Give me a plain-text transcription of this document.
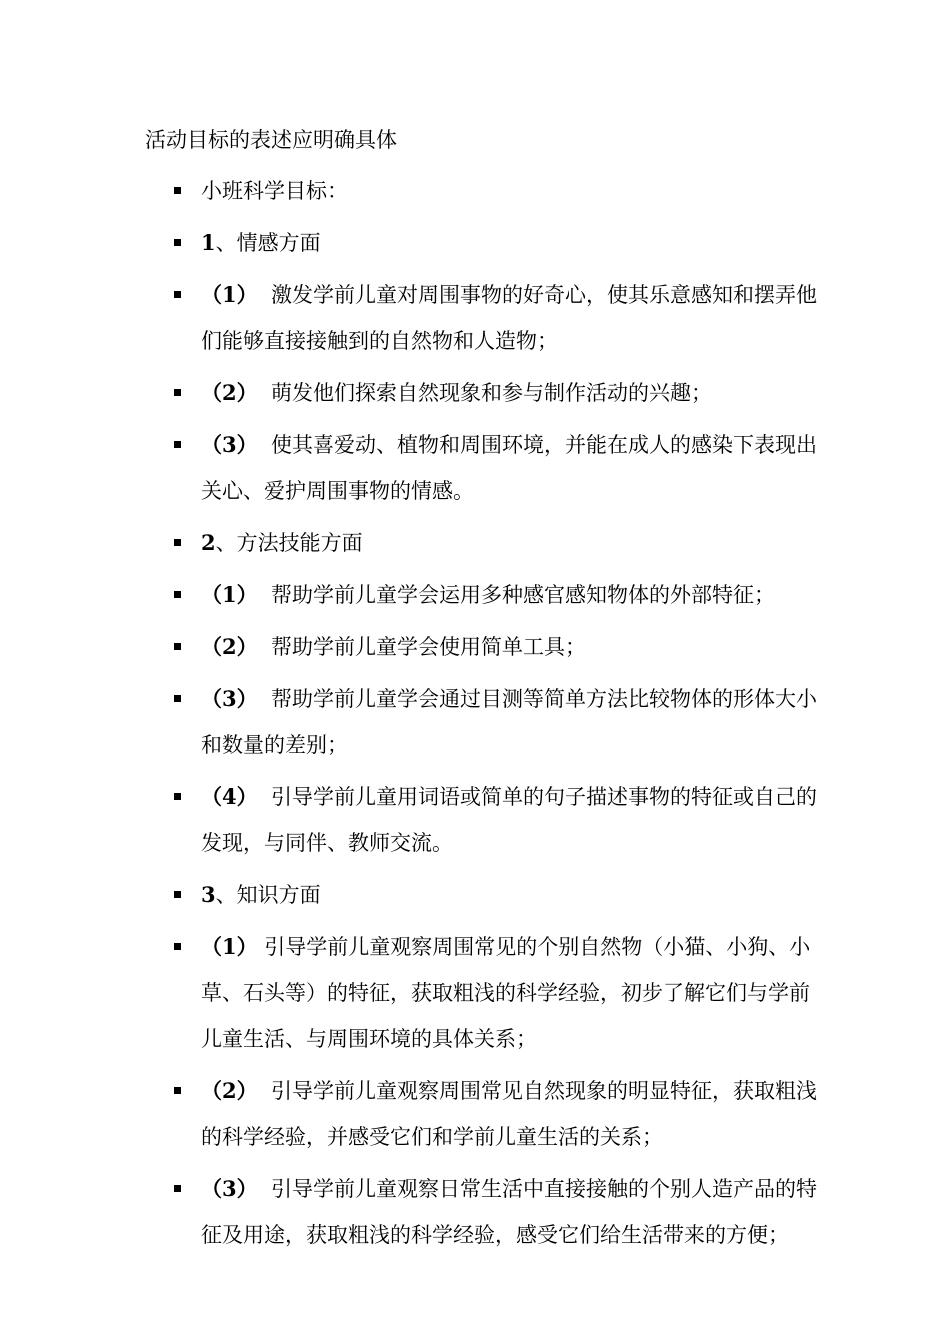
活动目标的表述应明确具体
小班科学目标：
1、情感方面
（1）  激发学前儿童对周围事物的好奇心，使其乐意感知和摆弄他们能够直接接触到的自然物和人造物；
（2）  萌发他们探索自然现象和参与制作活动的兴趣；
（3）  使其喜爱动、植物和周围环境，并能在成人的感染下表现出关心、爱护周围事物的情感。
2、方法技能方面
（1）  帮助学前儿童学会运用多种感官感知物体的外部特征；
（2）  帮助学前儿童学会使用简单工具；
（3）  帮助学前儿童学会通过目测等简单方法比较物体的形体大小和数量的差别；
（4）  引导学前儿童用词语或简单的句子描述事物的特征或自己的发现，与同伴、教师交流。
3、知识方面
（1） 引导学前儿童观察周围常见的个别自然物（小猫、小狗、小草、石头等）的特征，获取粗浅的科学经验，初步了解它们与学前儿童生活、与周围环境的具体关系；
（2）  引导学前儿童观察周围常见自然现象的明显特征，获取粗浅的科学经验，并感受它们和学前儿童生活的关系；
（3）  引导学前儿童观察日常生活中直接接触的个别人造产品的特征及用途，获取粗浅的科学经验，感受它们给生活带来的方便；
